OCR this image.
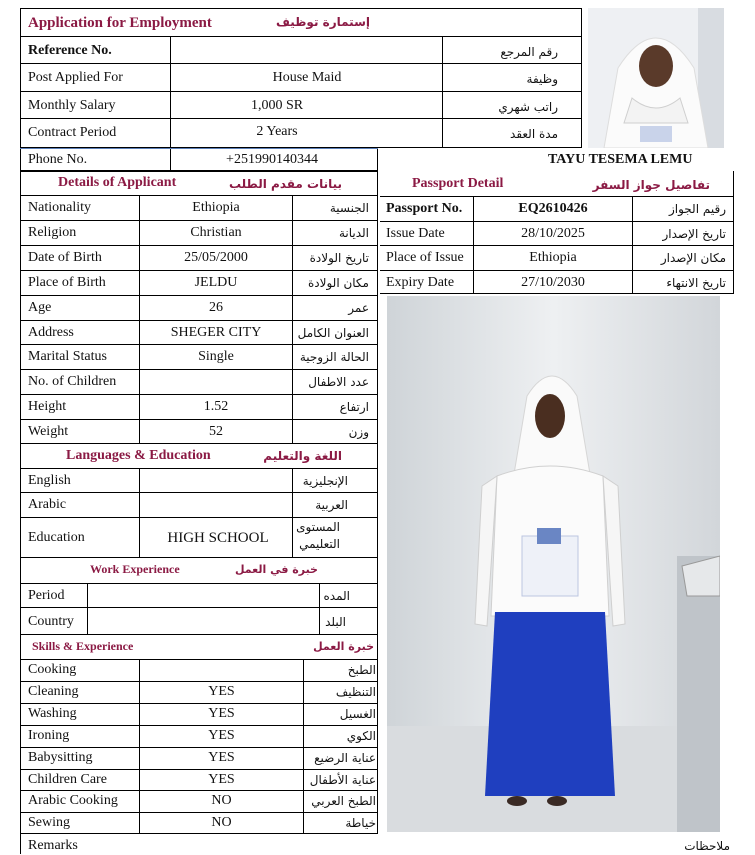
Application for Employment	إستمارة توظيف
Reference No.	رقم المرجع
Post Applied For	House Maid	وظيفة
Monthly Salary	1,000 SR	راتب شهري
Contract Period	2 Years	مدة العقد
Phone No.	+251990140344	TAYU TESEMA LEMU
Details of Applicant	بيانات مقدم الطلب
Nationality	Ethiopia	الجنسية
Religion	Christian	الديانة
Date of Birth	25/05/2000	تاريخ الولادة
Place of Birth	JELDU	مكان الولادة
Age	26	عمر
Address	SHEGER CITY	العنوان الكامل
Marital Status	Single	الحالة الزوجية
No. of Children	عدد الاطفال
Height	1.52	ارتفاع
Weight	52	وزن
Languages & Education	اللغة والتعليم
English	الإنجليزية
Arabic	العربية
Education	HIGH SCHOOL
المستوى
التعليمي
Work Experience	خبرة في العمل
Period	المده
Country	البلد
Skills & Experience	خبرة العمل
Cooking	الطبخ
Cleaning	YES	التنظيف
Washing	YES	الغسيل
Ironing	YES	الكوي
Babysitting	YES	عناية الرضيع
Children Care	YES	عناية الأطفال
Arabic Cooking	NO	الطبخ العربي
Sewing	NO	خياطة
Remarks	ملاحظات
Passport Detail	تفاصيل جواز السفر
Passport No.	EQ2610426	رقيم الجواز
Issue Date	28/10/2025	تاريخ الإصدار
Place of Issue	Ethiopia	مكان الإصدار
Expiry Date	27/10/2030	تاريخ الانتهاء
